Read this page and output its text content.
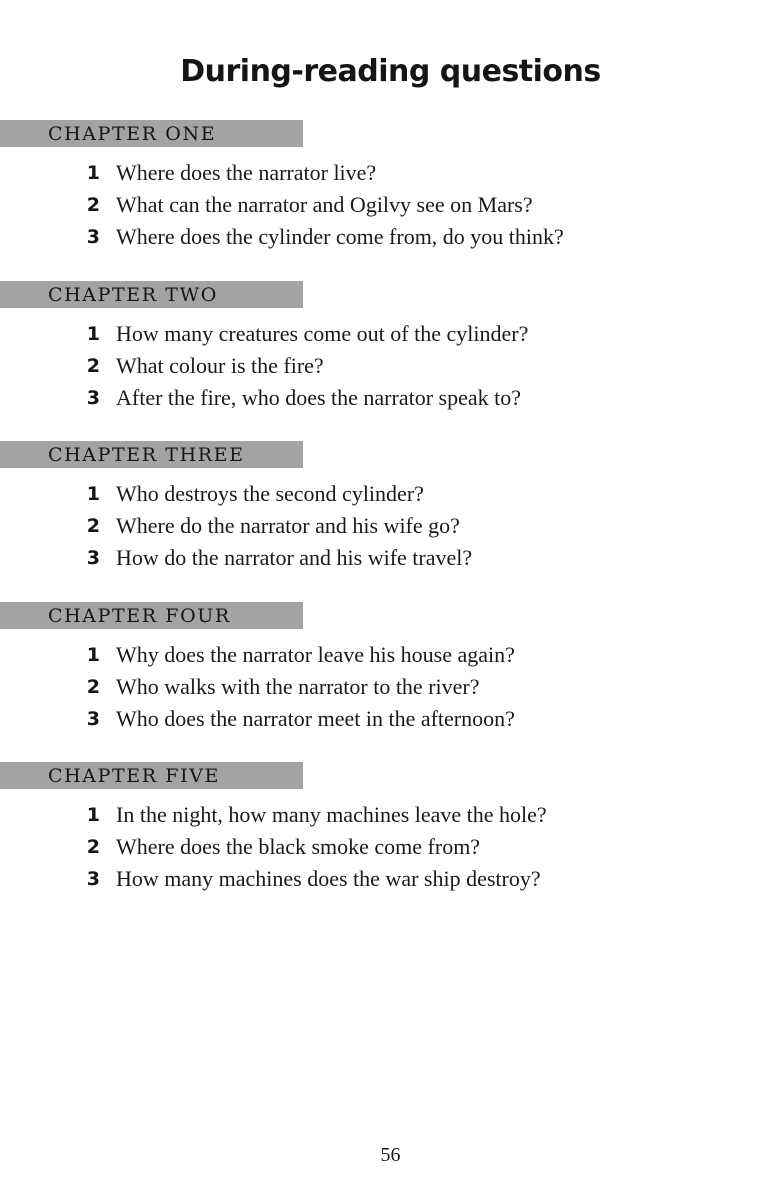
During-reading questions
CHAPTER ONE
1 Where does the narrator live?
2 What can the narrator and Ogilvy see on Mars?
3 Where does the cylinder come from, do you think?
CHAPTER TWO
1 How many creatures come out of the cylinder?
2 What colour is the fire?
3 After the fire, who does the narrator speak to?
CHAPTER THREE
1 Who destroys the second cylinder?
2 Where do the narrator and his wife go?
3 How do the narrator and his wife travel?
CHAPTER FOUR
1 Why does the narrator leave his house again?
2 Who walks with the narrator to the river?
3 Who does the narrator meet in the afternoon?
CHAPTER FIVE
1 In the night, how many machines leave the hole?
2 Where does the black smoke come from?
3 How many machines does the war ship destroy?
56
